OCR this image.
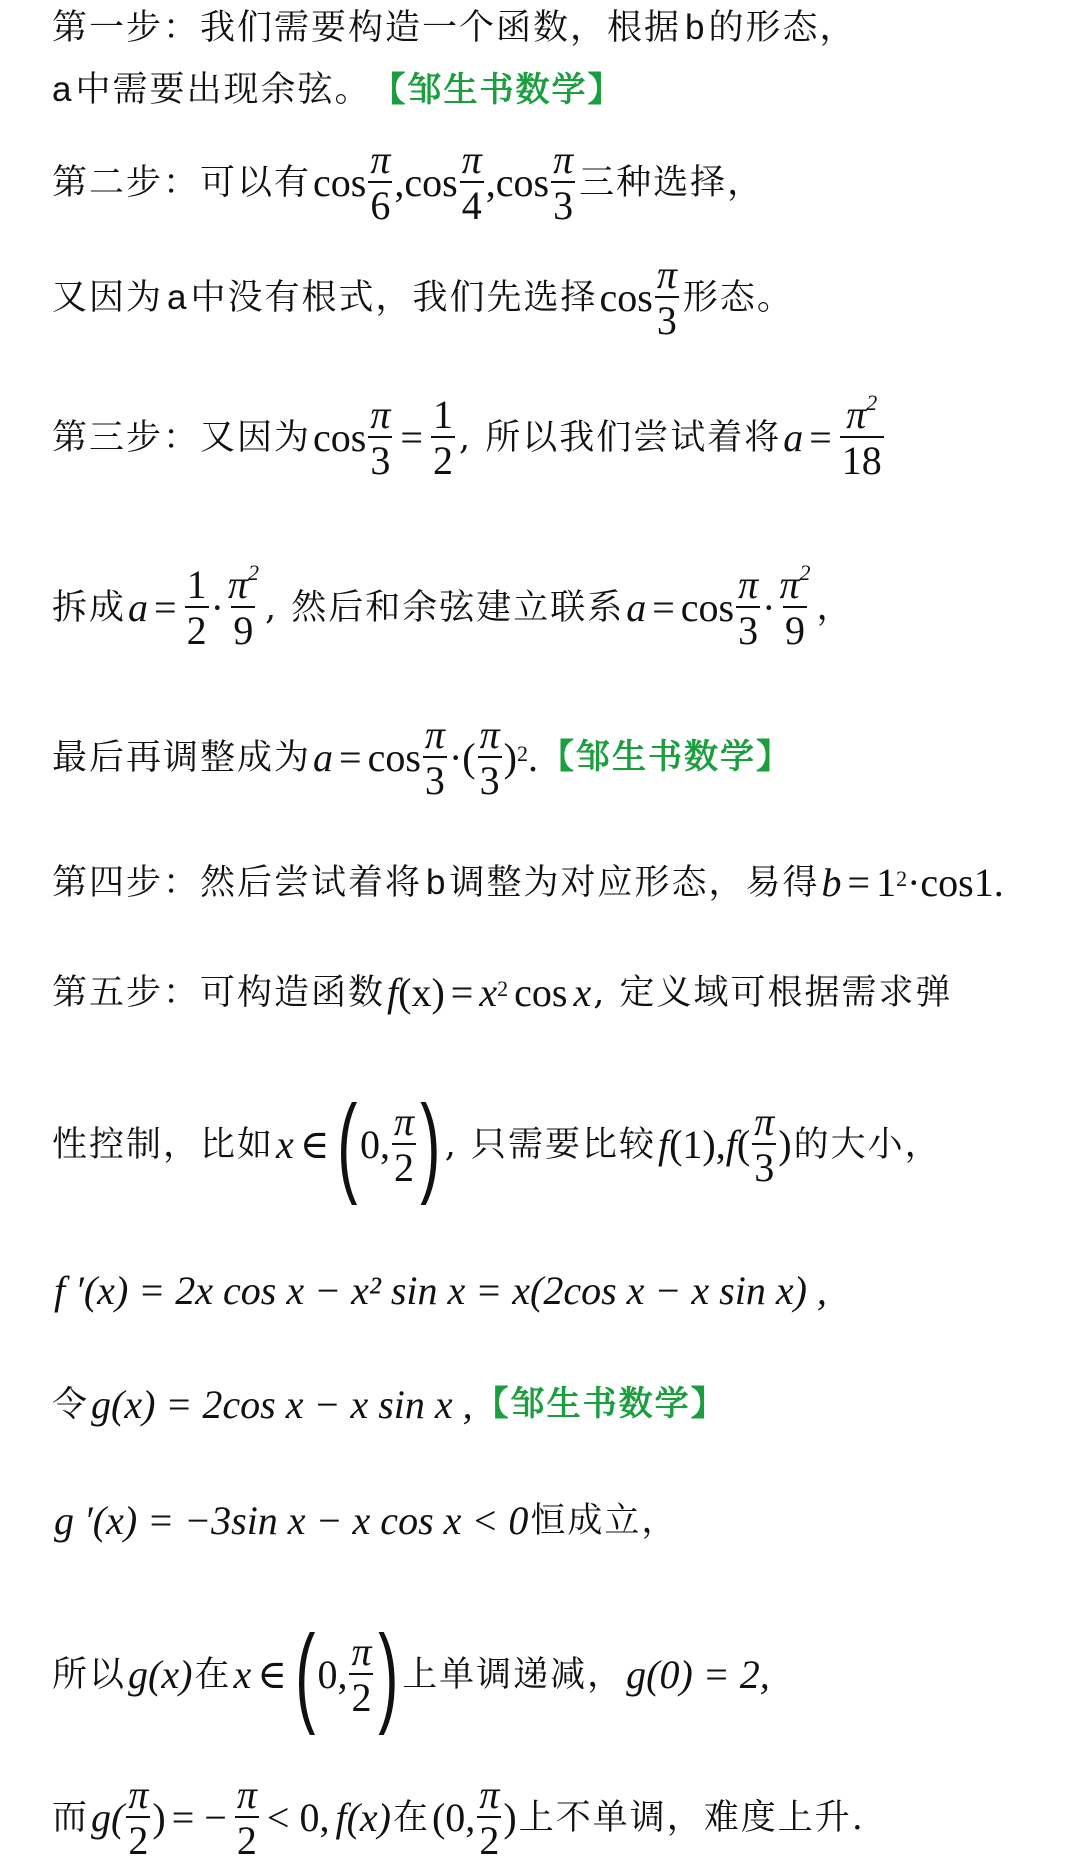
第一步：我们需要构造一个函数，根据 b 的形态，
a 中需要出现余弦。 【邹生书数学】
第二步：可以有 $\cos \frac{\pi}{6}$ , $\cos \frac{\pi}{4}$ , $\cos \frac{\pi}{3}$ 三种选择，
又因为 a 中没有根式，我们先选择 $\cos \frac{\pi}{3}$ 形态。
第三步：又因为 $\cos \frac{\pi}{3} = \frac{1}{2}$ , 所以我们尝试着将 $a = \frac{\pi^2}{18}$
拆成 $a = \frac{1}{2} \cdot \frac{\pi^2}{9}$ , 然后和余弦建立联系 $a = \cos \frac{\pi}{3} \cdot \frac{\pi^2}{9}$ ，
最后再调整成为 $a = \cos \frac{\pi}{3}$ · ( $\frac{\pi}{3}$ ) 2 . 【邹生书数学】
第四步：然后尝试着将 b 调整为对应形态，易得 b = 1 2 ·cos1.
第五步：可构造函数 f (x) = x 2 cos x , 定义域可根据需求弹
性控制，比如 x ∈ ( 0, $\frac{\pi}{2}$ ) , 只需要比较 f (1), f ( $\frac{\pi}{3}$ ) 的大小，
f ′(x) = 2x cos x − x² sin x = x(2cos x − x sin x) ,
令 g(x) = 2cos x − x sin x , 【邹生书数学】
g ′(x) = −3sin x − x cos x < 0 恒成立，
所以 g(x) 在 x ∈ ( 0, $\frac{\pi}{2}$ ) 上单调递减， g(0) = 2,
而 $g( \frac{\pi}{2}$ ) = − $\frac{\pi}{2} < 0$, f(x) 在 (0, $\frac{\pi}{2}$ ) 上不单调，难度上升.
